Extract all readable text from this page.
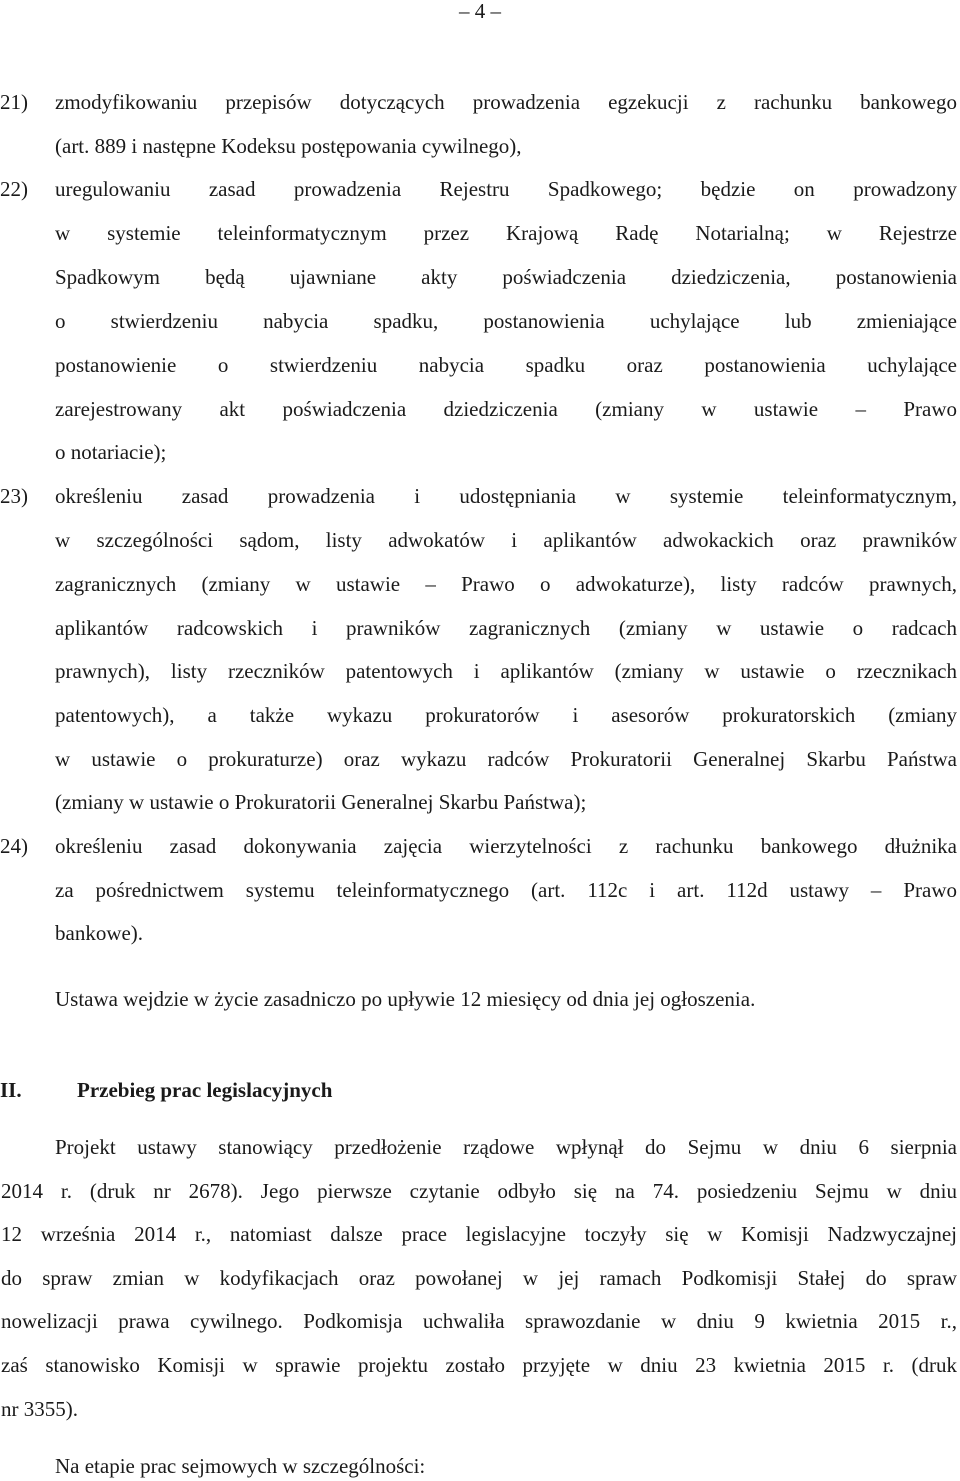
– 4 –
21) zmodyfikowaniu przepisów dotyczących prowadzenia egzekucji z rachunku bankowego
(art. 889 i następne Kodeksu postępowania cywilnego),
22) uregulowaniu zasad prowadzenia Rejestru Spadkowego; będzie on prowadzony
w systemie teleinformatycznym przez Krajową Radę Notarialną; w Rejestrze
Spadkowym będą ujawniane akty poświadczenia dziedziczenia, postanowienia
o stwierdzeniu nabycia spadku, postanowienia uchylające lub zmieniające
postanowienie o stwierdzeniu nabycia spadku oraz postanowienia uchylające
zarejestrowany akt poświadczenia dziedziczenia (zmiany w ustawie – Prawo
o notariacie);
23) określeniu zasad prowadzenia i udostępniania w systemie teleinformatycznym,
w szczególności sądom, listy adwokatów i aplikantów adwokackich oraz prawników
zagranicznych (zmiany w ustawie – Prawo o adwokaturze), listy radców prawnych,
aplikantów radcowskich i prawników zagranicznych (zmiany w ustawie o radcach
prawnych), listy rzeczników patentowych i aplikantów (zmiany w ustawie o rzecznikach
patentowych), a także wykazu prokuratorów i asesorów prokuratorskich (zmiany
w ustawie o prokuraturze) oraz wykazu radców Prokuratorii Generalnej Skarbu Państwa
(zmiany w ustawie o Prokuratorii Generalnej Skarbu Państwa);
24) określeniu zasad dokonywania zajęcia wierzytelności z rachunku bankowego dłużnika
za pośrednictwem systemu teleinformatycznego (art. 112c i art. 112d ustawy – Prawo
bankowe).
Ustawa wejdzie w życie zasadniczo po upływie 12 miesięcy od dnia jej ogłoszenia.
II.	Przebieg prac legislacyjnych
Projekt ustawy stanowiący przedłożenie rządowe wpłynął do Sejmu w dniu 6 sierpnia
2014 r. (druk nr 2678). Jego pierwsze czytanie odbyło się na 74. posiedzeniu Sejmu w dniu
12 września 2014 r., natomiast dalsze prace legislacyjne toczyły się w Komisji Nadzwyczajnej
do spraw zmian w kodyfikacjach oraz powołanej w jej ramach Podkomisji Stałej do spraw
nowelizacji prawa cywilnego. Podkomisja uchwaliła sprawozdanie w dniu 9 kwietnia 2015 r.,
zaś stanowisko Komisji w sprawie projektu zostało przyjęte w dniu 23 kwietnia 2015 r. (druk
nr 3355).
Na etapie prac sejmowych w szczególności:
